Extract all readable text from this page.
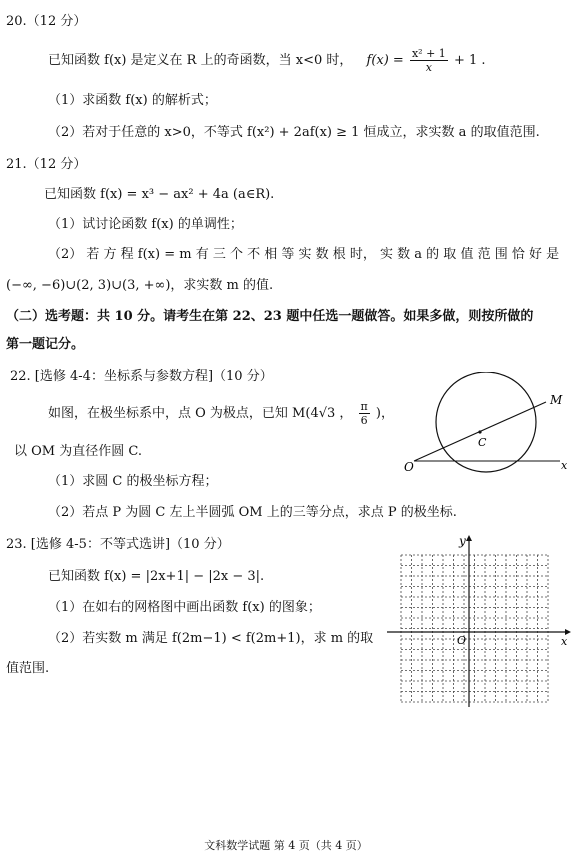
20.（12 分）
已知函数 f(x) 是定义在 R 上的奇函数，当 x<0 时， $f(x) = \frac{\text{x² + 1}}{x} + 1$ .
（1）求函数 f(x) 的解析式；
（2）若对于任意的 x>0，不等式 f(x²) + 2af(x) ≥ 1 恒成立，求实数 a 的取值范围.
21.（12 分）
已知函数 f(x) = x³ − ax² + 4a (a∈R).
（1）试讨论函数 f(x) 的单调性；
（2） 若 方 程 f(x) = m 有 三 个 不 相 等 实 数 根 时， 实 数 a 的 取 值 范 围 恰 好 是
(−∞, −6)∪(2, 3)∪(3, +∞)，求实数 m 的值.
（二）选考题：共 10 分。请考生在第 22、23 题中任选一题做答。如果多做，则按所做的
第一题记分。
22. [选修 4-4：坐标系与参数方程]（10 分）
如图，在极坐标系中，点 O 为极点，已知 M(4√3 ， $\frac{\pi}{6}$ )，
以 OM 为直径作圆 C.
（1）求圆 C 的极坐标方程；
（2）若点 P 为圆 C 左上半圆弧 OM 上的三等分点，求点 P 的极坐标.
M
C
O	x
23. [选修 4-5：不等式选讲]（10 分）
已知函数 f(x) = |2x+1| − |2x − 3|.
（1）在如右的网格图中画出函数 f(x) 的图象；
（2）若实数 m 满足 f(2m−1) < f(2m+1)，求 m 的取
值范围.
y
O	x
文科数学试题 第 4 页（共 4 页）
